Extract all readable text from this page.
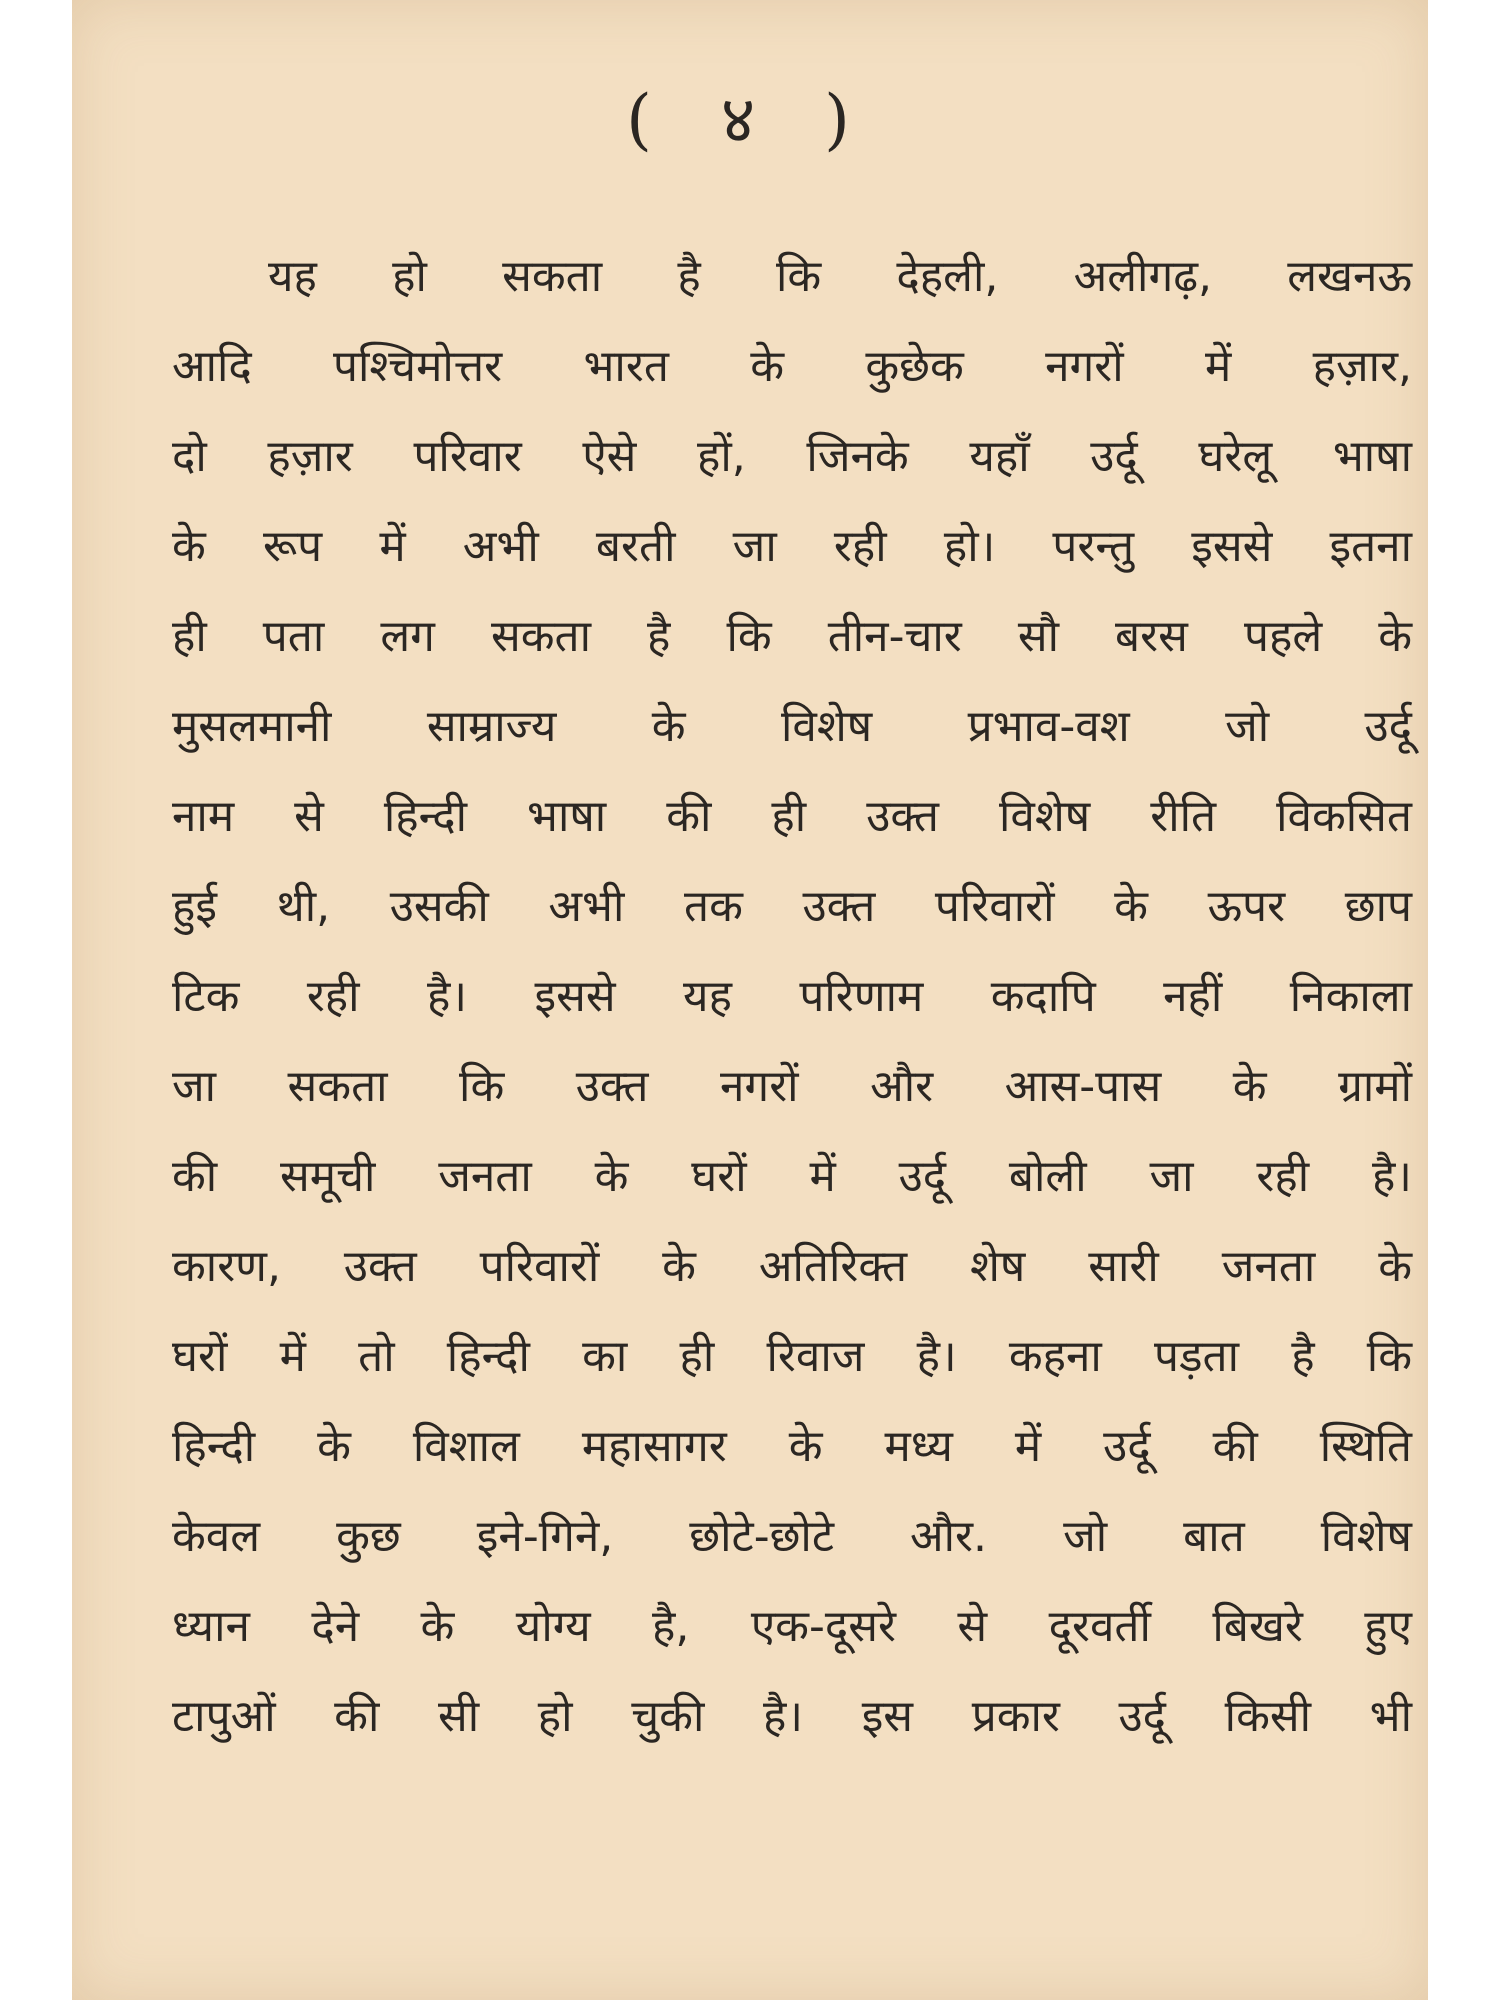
( ४ )
यह हो सकता है कि देहली, अलीगढ़, लखनऊ
आदि पश्चिमोत्तर भारत के कुछेक नगरों में हज़ार,
दो हज़ार परिवार ऐसे हों, जिनके यहाँ उर्दू घरेलू भाषा
के रूप में अभी बरती जा रही हो। परन्तु इससे इतना
ही पता लग सकता है कि तीन-चार सौ बरस पहले के
मुसलमानी साम्राज्य के विशेष प्रभाव-वश जो उर्दू
नाम से हिन्दी भाषा की ही उक्त विशेष रीति विकसित
हुई थी, उसकी अभी तक उक्त परिवारों के ऊपर छाप
टिक रही है। इससे यह परिणाम कदापि नहीं निकाला
जा सकता कि उक्त नगरों और आस-पास के ग्रामों
की समूची जनता के घरों में उर्दू बोली जा रही है।
कारण, उक्त परिवारों के अतिरिक्त शेष सारी जनता के
घरों में तो हिन्दी का ही रिवाज है। कहना पड़ता है कि
हिन्दी के विशाल महासागर के मध्य में उर्दू की स्थिति
केवल कुछ इने-गिने, छोटे-छोटे और. जो बात विशेष
ध्यान देने के योग्य है, एक-दूसरे से दूरवर्ती बिखरे हुए
टापुओं की सी हो चुकी है। इस प्रकार उर्दू किसी भी
